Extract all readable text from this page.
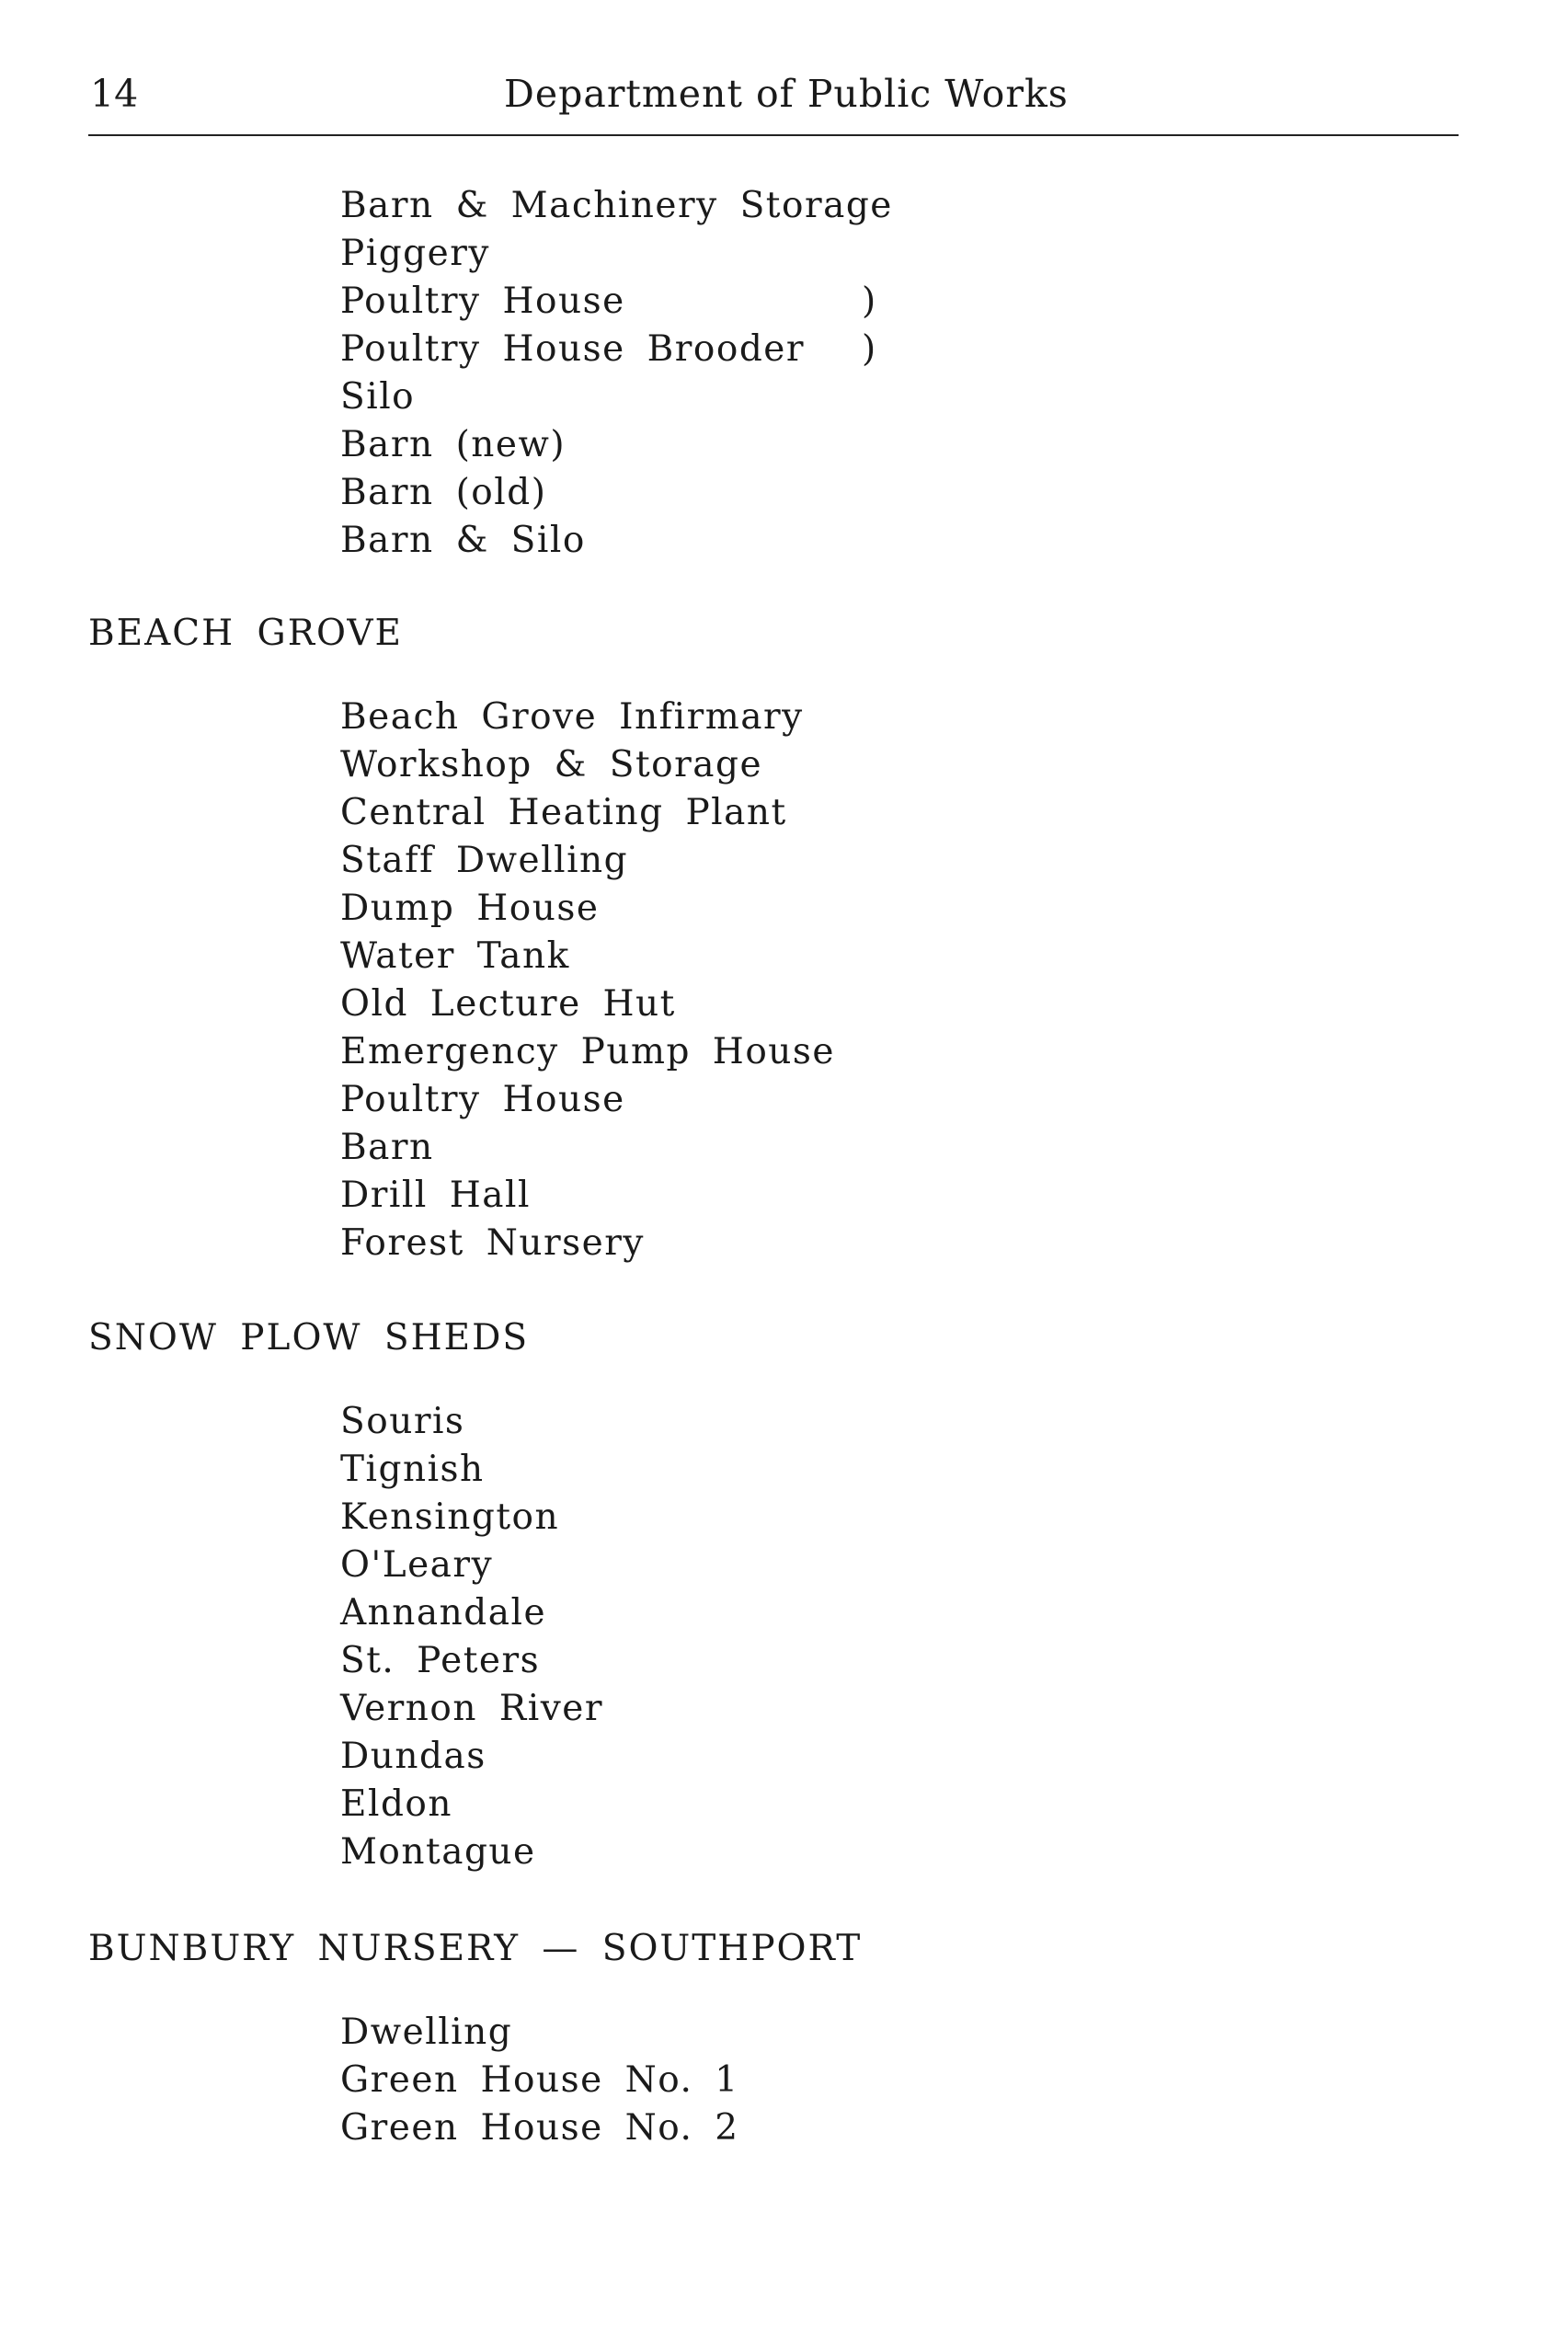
14	Department of Public Works
Barn & Machinery Storage
Piggery
Poultry House	)
Poultry House Brooder )
Silo
Barn (new)
Barn (old)
Barn & Silo
BEACH GROVE
Beach Grove Infirmary
Workshop & Storage
Central Heating Plant
Staff Dwelling
Dump House
Water Tank
Old Lecture Hut
Emergency Pump House
Poultry House
Barn
Drill Hall
Forest Nursery
SNOW PLOW SHEDS
Souris
Tignish
Kensington
O'Leary
Annandale
St. Peters
Vernon River
Dundas
Eldon
Montague
BUNBURY NURSERY — SOUTHPORT
Dwelling
Green House No. 1
Green House No. 2
